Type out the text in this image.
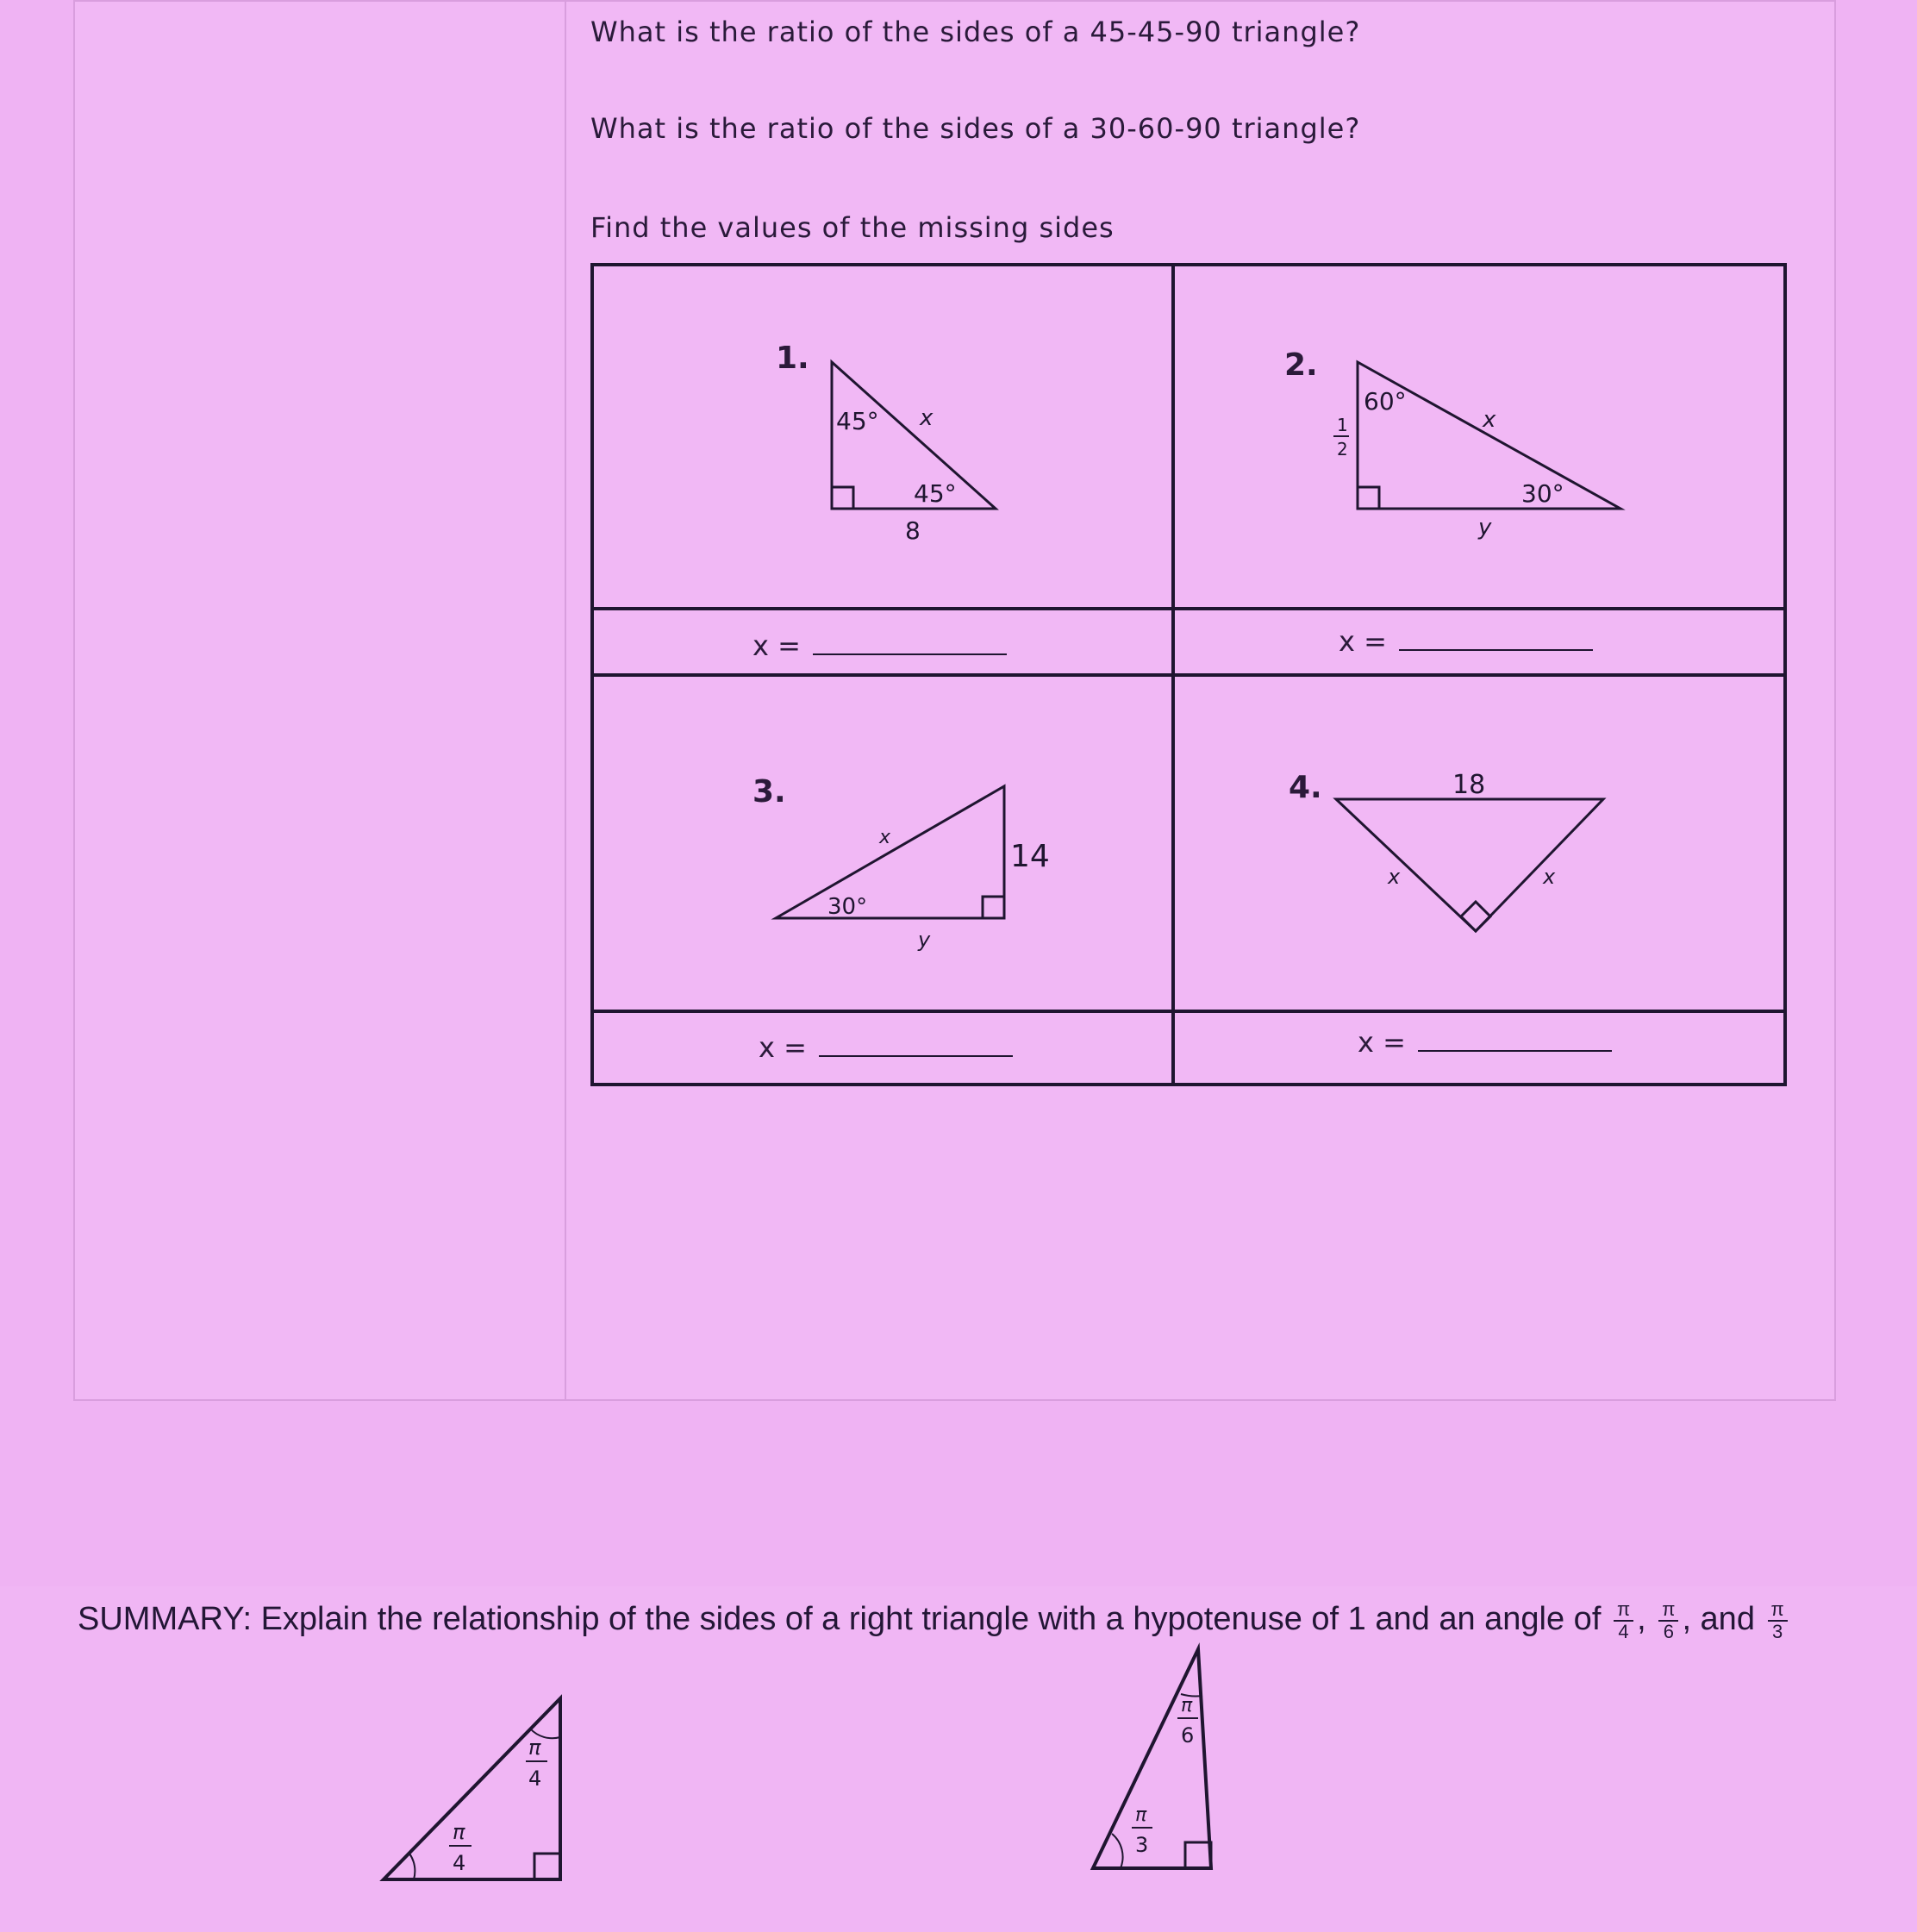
What is the ratio of the sides of a 45-45-90 triangle?
What is the ratio of the sides of a 30-60-90 triangle?
Find the values of the missing sides
1.
45° x
45°
8
x =
2.
60°
x
30°
y
1
2
x =
3.
x
14
30°
y
x =
4.	18
x	x
x =
SUMMARY: Explain the relationship of the sides of a right triangle with a hypotenuse of 1 and an angle of $\frac{\pi}{4}$ , $\frac{\pi}{6}$ , and $\frac{\pi}{3}$
π
4
π
4
π
6
π
3
